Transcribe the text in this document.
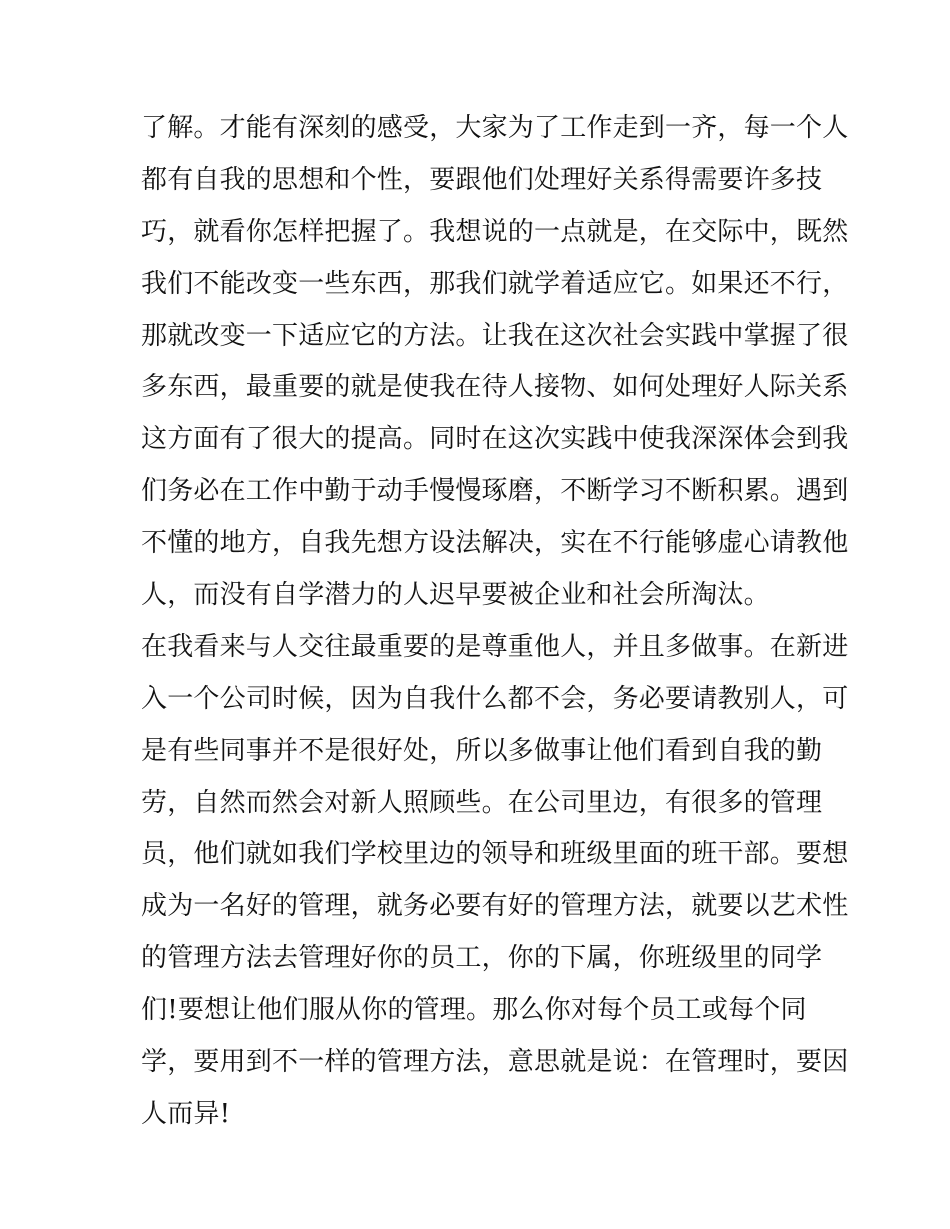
了解。才能有深刻的感受，大家为了工作走到一齐，每一个人
都有自我的思想和个性，要跟他们处理好关系得需要许多技
巧，就看你怎样把握了。我想说的一点就是，在交际中，既然
我们不能改变一些东西，那我们就学着适应它。如果还不行，
那就改变一下适应它的方法。让我在这次社会实践中掌握了很
多东西，最重要的就是使我在待人接物、如何处理好人际关系
这方面有了很大的提高。同时在这次实践中使我深深体会到我
们务必在工作中勤于动手慢慢琢磨，不断学习不断积累。遇到
不懂的地方，自我先想方设法解决，实在不行能够虚心请教他
人，而没有自学潜力的人迟早要被企业和社会所淘汰。
在我看来与人交往最重要的是尊重他人，并且多做事。在新进
入一个公司时候，因为自我什么都不会，务必要请教别人，可
是有些同事并不是很好处，所以多做事让他们看到自我的勤
劳，自然而然会对新人照顾些。在公司里边，有很多的管理
员，他们就如我们学校里边的领导和班级里面的班干部。要想
成为一名好的管理，就务必要有好的管理方法，就要以艺术性
的管理方法去管理好你的员工，你的下属，你班级里的同学
们!要想让他们服从你的管理。那么你对每个员工或每个同
学，要用到不一样的管理方法，意思就是说：在管理时，要因
人而异!
